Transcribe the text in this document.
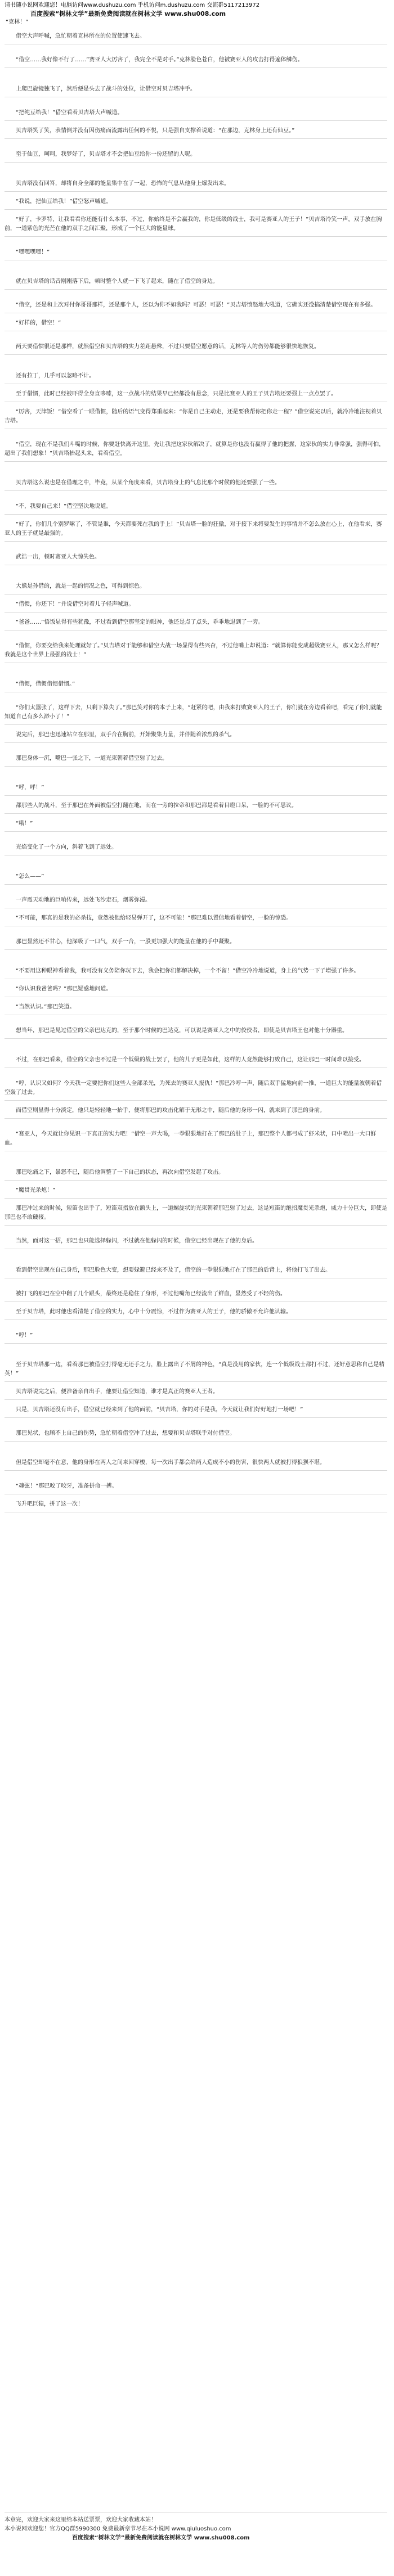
请书随小说网欢迎您！电脑访问www.dushuzu.com 手机访问m.dushuzu.com 交流群5117213972
百度搜索“树林文学”最新免费阅读就在树林文学 www.shu008.com
“克林！”
借空大声呼喊，急忙朝着克林所在的位置使速飞去。
“借空……我好像不行了……”赛亚人大厉害了，我完全不是对手。”克林脸色苍白，他被赛亚人的攻击打得遍体鳞伤。
上爬巴旋镜独飞了，然后便是头去了战斗的处位，让借空对贝吉塔冲手。
“把纯豆给我！”借空看着贝吉塔大声喊道。
贝吉塔笑了笑，表情倒并没有因伤痛而流露出任何的不悦，只是强自支撑着说道：“在那边，克林身上还有仙豆。”
至于仙豆，呵呵，我梦好了，贝吉塔才不会把仙豆给你一份还留的人呢。
贝吉塔没有回答，却将自身全部的能量集中在了一起，恐怖的气息从他身上爆发出来。
“我说，把仙豆给我！”借空怒声喊道。
“好了，卡罗特，让我看看你还能有什么本事，不过，你始终是不会赢我的，你是低级的战士，我可是赛亚人的王子！”贝吉塔冷笑一声，双手放在胸前，一道紫色的光芒在他的双手之间汇聚，形成了一个巨大的能量球。
“嘿嘿嘿嘿！”
就在贝吉塔的话音刚刚落下后，顿时整个人就一下飞了起来，随在了借空的身边。
“借空，还是和上次对付你哥哥那样，还是那个人，还以为你不如我吗？可恶！可恶！”贝吉塔愤怒地大吼道，它确实还没搞清楚借空现在有多强。
“好样的，借空！”
两天要借惯很还是那样，就然借空和贝吉塔的实力差距悬殊，不过只要借空愿意的话，克林等人的伤势都能够很快地恢复。
还有拉丁，几乎可以忽略不计。
至于借惯，此时已经被吓得全身直哆嗦，这一点战斗的结果早已经都没有悬念，只是比赛亚人的王子贝吉塔还要强上一点点罢了。
“厉害，天津饭！”借空看了一眼借惯，随后的语气变得郑重起来：“你是自己主动走，还是要我帮你把你走一程？”借空说完以后，就冷冷地注视着贝吉塔。
“借空，现在不是我们斗嘴的时候，你要赶快离开这里，先让我把这家伙解决了，就算是你也没有赢得了他的把握，这家伙的实力非常强，强得可怕，超出了我们想象！”贝吉塔抬起头来，看着借空。
贝吉塔这么说也是在借理之中，毕竟，从某个角度来看，贝吉塔身上的气息比那个时候的他还要强了一些。
“不，我要自己来！”借空坚决地说道。
“好了，你们几个别罗嗦了，不管是谁，今天都要死在我的手上！”贝吉塔一脸的狂傲，对于接下来将要发生的事情并不怎么放在心上，在他看来，赛亚人的王子就是最强的。
武浩一出，顿时赛亚人大惊失色。
大熊是孙借的，就是一起的情况之色，可得到惊色。
“借惯，你还下！”并说借空对着儿子轻声喊道。
“爸爸……”悟饭显得有些犹豫，不过看到借空那坚定的眼神，他还是点了点头，乖乖地退到了一旁。
“借惯，你要交给我来处理就好了。”贝吉塔对于能够和借空大战一场显得有些兴奋，不过他嘴上却说道：“就算你能变成超级赛亚人，那又怎么样呢？我就是这个世界上最强的战士！”
“借惯，借惯借惯借惯。”
“你们太嚣张了，这样下去，只剩下算失了。”那巴笑对你的本子上来，“赶紧的吧，由我来打败赛亚人的王子，你们就在旁边看着吧，看完了你们就能知道自己有多么渺小了！”
说完后，那巴也迅速站立在那里，双手合在胸前，开始聚集力量，并伴随着浓烈的杀气。
那巴身体一沉，嘴巴一张之下，一道光束朝着借空射了过去。
“呼，呼！”
都那些人的战斗，至于那巴在外面被借空打翻在地，而在一旁的拉帝和那巴都是看着目瞪口呆，一脸的不可思议。
“哦！”
光焰变化了一个方向，斜着飞到了远处。
“怎么——”
一声震天动地的巨响传来，远处飞沙走石，烟雾弥漫。
“不可能，那真的是我的必杀技，竟然被他给轻易弹开了，这不可能！”那巴难以置信地看着借空，一脸的惊恐。
那巴显然还不甘心，他深吸了一口气，双手一合，一股更加强大的能量在他的手中凝聚。
“不要用这种眼神看着我，我可没有义务陪你玩下去，我会把你们都解决掉，一个不留！”借空冷冷地说道，身上的气势一下子增强了许多。
“你认识我爸爸吗？”那巴疑惑地问道。
“当然认识。”那巴笑道。
想当年，那巴是见过借空的父亲巴达克的，至于那个时候的巴达克，可以说是赛亚人之中的佼佼者，即使是贝吉塔王也对他十分器重。
不过，在那巴看来，借空的父亲也不过是一个低级的战士罢了，他的儿子更是如此，这样的人竟然能够打败自己，这让那巴一时间难以接受。
“哼，认识又如何？今天我一定要把你们这些人全部杀光，为死去的赛亚人报仇！”那巴冷哼一声，随后双手猛地向前一推，一道巨大的能量波朝着借空轰了过去。
而借空则显得十分淡定，他只是轻轻地一抬手，便将那巴的攻击化解于无形之中，随后他的身形一闪，就来到了那巴的身前。
“赛亚人，今天就让你见识一下真正的实力吧！”借空一声大喝，一拳狠狠地打在了那巴的肚子上，那巴整个人都弓成了虾米状，口中喷出一大口鲜血。
那巴吃痛之下，暴怒不已，随后他调整了一下自己的状态，再次向借空发起了攻击。
“魔贯光杀炮！”
那巴冲过来的时候，短笛也出手了，短笛双指放在额头上，一道螺旋状的光束朝着那巴射了过去，这是短笛的绝招魔贯光杀炮，威力十分巨大，即使是那巴也不敢硬接。
当然，面对这一招，那巴也只能选择躲闪，不过就在他躲闪的时候，借空已经出现在了他的身后。
看到借空出现在自己身后，那巴脸色大变，想要躲避已经来不及了，借空的一拳狠狠地打在了那巴的后背上，将他打飞了出去。
被打飞的那巴在空中翻了几个跟头，最终还是稳住了身形，不过他嘴角已经流出了鲜血，显然受了不轻的伤。
至于贝吉塔，此时他也看清楚了借空的实力，心中十分震惊，不过作为赛亚人的王子，他的骄傲不允许他认输。
“哼！”
至于贝吉塔那一边，看着那巴被借空打得毫无还手之力，脸上露出了不屑的神色，“真是没用的家伙，连一个低级战士都打不过，还好意思称自己是精英！”
贝吉塔说完之后，便准备亲自出手，他要让借空知道，谁才是真正的赛亚人王者。
只是，贝吉塔还没有出手，借空就已经来到了他的面前，“贝吉塔，你的对手是我，今天就让我们好好地打一场吧！”
那巴见状，也顾不上自己的伤势，急忙朝着借空冲了过去，想要和贝吉塔联手对付借空。
但是借空却毫不在意，他的身形在两人之间来回穿梭，每一次出手都会给两人造成不小的伤害，很快两人就被打得狼狈不堪。
“魂弦！”那巴咬了咬牙，准备拼命一搏。
飞升吧巨猿，拼了这一次！
本章完，欢迎大家来这里给本站送票票，欢迎大家收藏本站！
本小说网欢迎您！官方QQ群5990300 免费最新章节尽在本小说网 www.qiuluoshuo.com
百度搜索“树林文学”最新免费阅读就在树林文学 www.shu008.com
